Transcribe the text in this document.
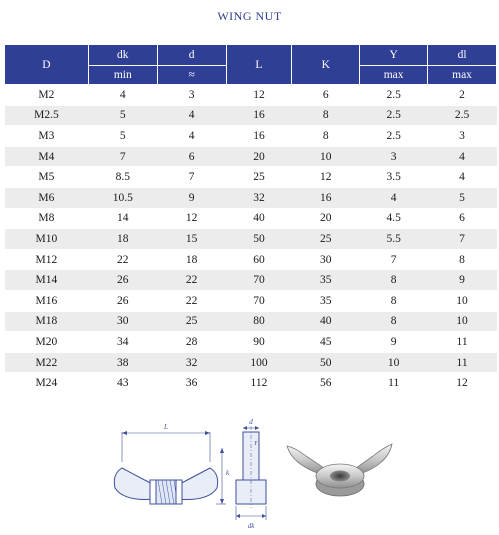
WING NUT
D	dk	d	L	K	Y	dl
	min	≈			max	max
M2	4	3	12	6	2.5	2
M2.5	5	4	16	8	2.5	2.5
M3	5	4	16	8	2.5	3
M4	7	6	20	10	3	4
M5	8.5	7	25	12	3.5	4
M6	10.5	9	32	16	4	5
M8	14	12	40	20	4.5	6
M10	18	15	50	25	5.5	7
M12	22	18	60	30	7	8
M14	26	22	70	35	8	9
M16	26	22	70	35	8	10
M18	30	25	80	40	8	10
M20	34	28	90	45	9	11
M22	38	32	100	50	10	11
M24	43	36	112	56	11	12
L
k
d
Y
dk
